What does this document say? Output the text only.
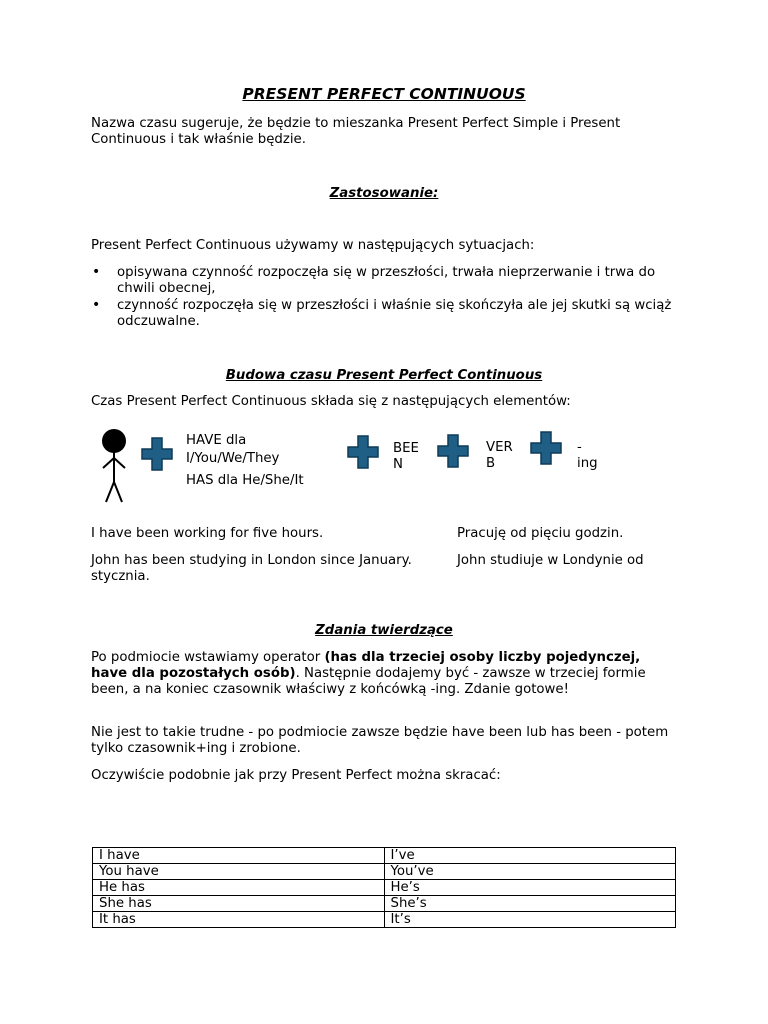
PRESENT PERFECT CONTINUOUS
Nazwa czasu sugeruje, że będzie to mieszanka Present Perfect Simple i Present Continuous i tak właśnie będzie.
Zastosowanie:
Present Perfect Continuous używamy w następujących sytuacjach:
• opisywana czynność rozpoczęła się w przeszłości, trwała nieprzerwanie i trwa do chwili obecnej,
• czynność rozpoczęła się w przeszłości i właśnie się skończyła ale jej skutki są wciąż odczuwalne.
Budowa czasu Present Perfect Continuous
Czas Present Perfect Continuous składa się z następujących elementów:
HAVE dla
I/You/We/They
HAS dla He/She/It
BEEN
VERB
-ing
I have been working for five hours.	Pracuję od pięciu godzin.
John has been studying in London since January.	John studiuje w Londynie od
stycznia.
Zdania twierdzące
Po podmiocie wstawiamy operator (has dla trzeciej osoby liczby pojedynczej, have dla pozostałych osób). Następnie dodajemy być - zawsze w trzeciej formie been, a na koniec czasownik właściwy z końcówką -ing. Zdanie gotowe!
Nie jest to takie trudne - po podmiocie zawsze będzie have been lub has been - potem tylko czasownik+ing i zrobione.
Oczywiście podobnie jak przy Present Perfect można skracać:
I have	I’ve
You have	You’ve
He has	He’s
She has	She’s
It has	It’s
